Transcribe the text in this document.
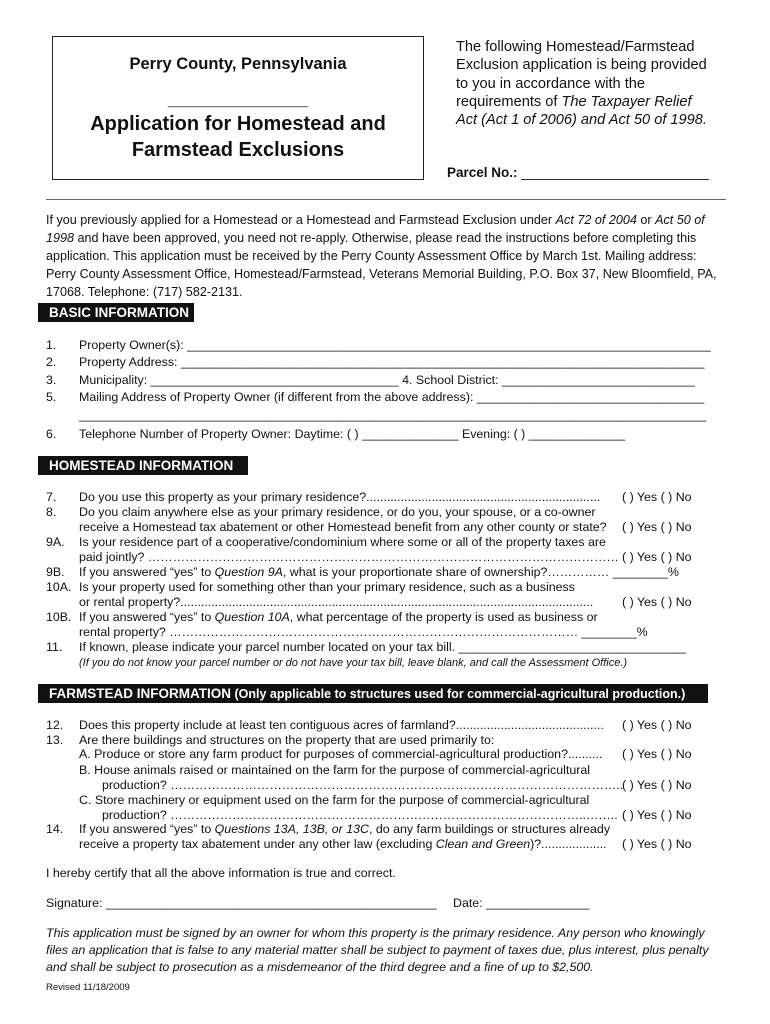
Perry County, Pennsylvania
______________
Application for Homestead and
Farmstead Exclusions
The following Homestead/Farmstead
Exclusion application is being provided
to you in accordance with the
requirements of The Taxpayer Relief
Act (Act 1 of 2006) and Act 50 of 1998.
Parcel No.: _________________________
If you previously applied for a Homestead or a Homestead and Farmstead Exclusion under Act 72 of 2004 or Act 50 of
1998 and have been approved, you need not re-apply. Otherwise, please read the instructions before completing this
application. This application must be received by the Perry County Assessment Office by March 1st. Mailing address:
Perry County Assessment Office, Homestead/Farmstead, Veterans Memorial Building, P.O. Box 37, New Bloomfield, PA,
17068. Telephone: (717) 582-2131.
BASIC INFORMATION
1. Property Owner(s): ____________________________________________________________________________
2. Property Address: ____________________________________________________________________________
3. Municipality: ____________________________________ 4. School District: ____________________________
5. Mailing Address of Property Owner (if different from the above address): _________________________________
___________________________________________________________________________________________
6. Telephone Number of Property Owner: Daytime: ( ) ______________ Evening: ( ) ______________
HOMESTEAD INFORMATION
7. Do you use this property as your primary residence?.................................................................... ( ) Yes ( ) No
8. Do you claim anywhere else as your primary residence, or do you, your spouse, or a co-owner
receive a Homestead tax abatement or other Homestead benefit from any other county or state? ( ) Yes ( ) No
9A. Is your residence part of a cooperative/condominium where some or all of the property taxes are
paid jointly? …………………………………………………………………………………………………… ( ) Yes ( ) No
9B. If you answered “yes” to Question 9A, what is your proportionate share of ownership?…………… ________%
10A. Is your property used for something other than your primary residence, such as a business
or rental property?........................................................................................................................ ( ) Yes ( ) No
10B. If you answered “yes” to Question 10A, what percentage of the property is used as business or
rental property? ……………………………………………………………………………………… ________%
11. If known, please indicate your parcel number located on your tax bill. _________________________________
(If you do not know your parcel number or do not have your tax bill, leave blank, and call the Assessment Office.)
FARMSTEAD INFORMATION (Only applicable to structures used for commercial-agricultural production.)
12. Does this property include at least ten contiguous acres of farmland?........................................... ( ) Yes ( ) No
13. Are there buildings and structures on the property that are used primarily to:
A. Produce or store any farm product for purposes of commercial-agricultural production?.......... ( ) Yes ( ) No
B. House animals raised or maintained on the farm for the purpose of commercial-agricultural
production? ………………………………………………………………………………………………..
( ) Yes ( ) No
C. Store machinery or equipment used on the farm for the purpose of commercial-agricultural
production? ………………………………………………………………………………………..…….. ( ) Yes ( ) No
14. If you answered “yes” to Questions 13A, 13B, or 13C, do any farm buildings or structures already
receive a property tax abatement under any other law (excluding Clean and Green)?................... ( ) Yes ( ) No
I hereby certify that all the above information is true and correct.
Signature: ________________________________________________ Date: _______________
This application must be signed by an owner for whom this property is the primary residence. Any person who knowingly
files an application that is false to any material matter shall be subject to payment of taxes due, plus interest, plus penalty
and shall be subject to prosecution as a misdemeanor of the third degree and a fine of up to $2,500.
Revised 11/18/2009
